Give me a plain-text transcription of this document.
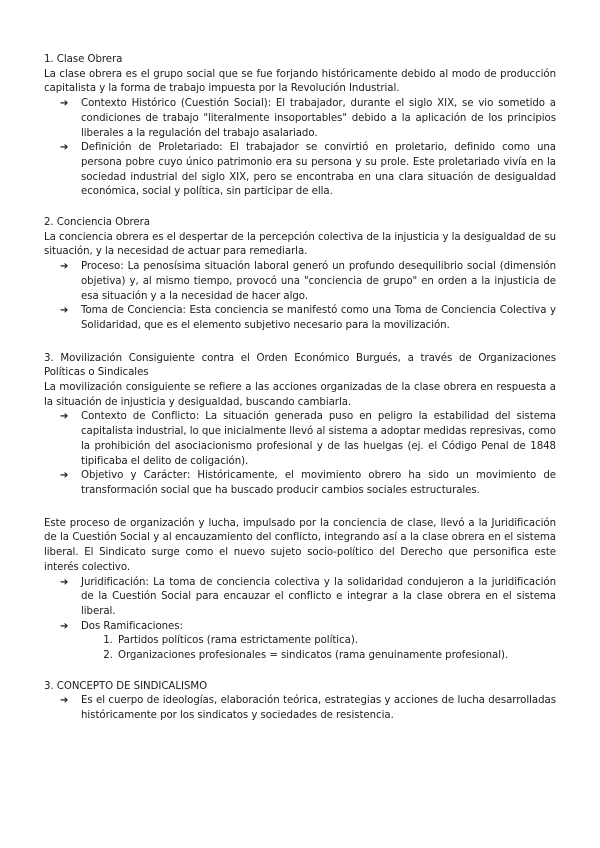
1. Clase Obrera

La clase obrera es el grupo social que se fue forjando históricamente debido al modo de producción capitalista y la forma de trabajo impuesta por la Revolución Industrial.

➔ Contexto Histórico (Cuestión Social): El trabajador, durante el siglo XIX, se vio sometido a condiciones de trabajo "literalmente insoportables" debido a la aplicación de los principios liberales a la regulación del trabajo asalariado.
➔ Definición de Proletariado: El trabajador se convirtió en proletario, definido como una persona pobre cuyo único patrimonio era su persona y su prole. Este proletariado vivía en la sociedad industrial del siglo XIX, pero se encontraba en una clara situación de desigualdad económica, social y política, sin participar de ella.

2. Conciencia Obrera

La conciencia obrera es el despertar de la percepción colectiva de la injusticia y la desigualdad de su situación, y la necesidad de actuar para remediarla.

➔ Proceso: La penosísima situación laboral generó un profundo desequilibrio social (dimensión objetiva) y, al mismo tiempo, provocó una "conciencia de grupo" en orden a la injusticia de esa situación y a la necesidad de hacer algo.
➔ Toma de Conciencia: Esta conciencia se manifestó como una Toma de Conciencia Colectiva y Solidaridad, que es el elemento subjetivo necesario para la movilización.

3. Movilización Consiguiente contra el Orden Económico Burgués, a través de Organizaciones Políticas o Sindicales

La movilización consiguiente se refiere a las acciones organizadas de la clase obrera en respuesta a la situación de injusticia y desigualdad, buscando cambiarla.

➔ Contexto de Conflicto: La situación generada puso en peligro la estabilidad del sistema capitalista industrial, lo que inicialmente llevó al sistema a adoptar medidas represivas, como la prohibición del asociacionismo profesional y de las huelgas (ej. el Código Penal de 1848 tipificaba el delito de coligación).
➔ Objetivo y Carácter: Históricamente, el movimiento obrero ha sido un movimiento de transformación social que ha buscado producir cambios sociales estructurales.

Este proceso de organización y lucha, impulsado por la conciencia de clase, llevó a la Juridificación de la Cuestión Social y al encauzamiento del conflicto, integrando así a la clase obrera en el sistema liberal. El Sindicato surge como el nuevo sujeto socio-político del Derecho que personifica este interés colectivo.

➔ Juridificación: La toma de conciencia colectiva y la solidaridad condujeron a la juridificación de la Cuestión Social para encauzar el conflicto e integrar a la clase obrera en el sistema liberal.
➔ Dos Ramificaciones:
1. Partidos políticos (rama estrictamente política).
2. Organizaciones profesionales = sindicatos (rama genuinamente profesional).

3. CONCEPTO DE SINDICALISMO

➔ Es el cuerpo de ideologías, elaboración teórica, estrategias y acciones de lucha desarrolladas históricamente por los sindicatos y sociedades de resistencia.
